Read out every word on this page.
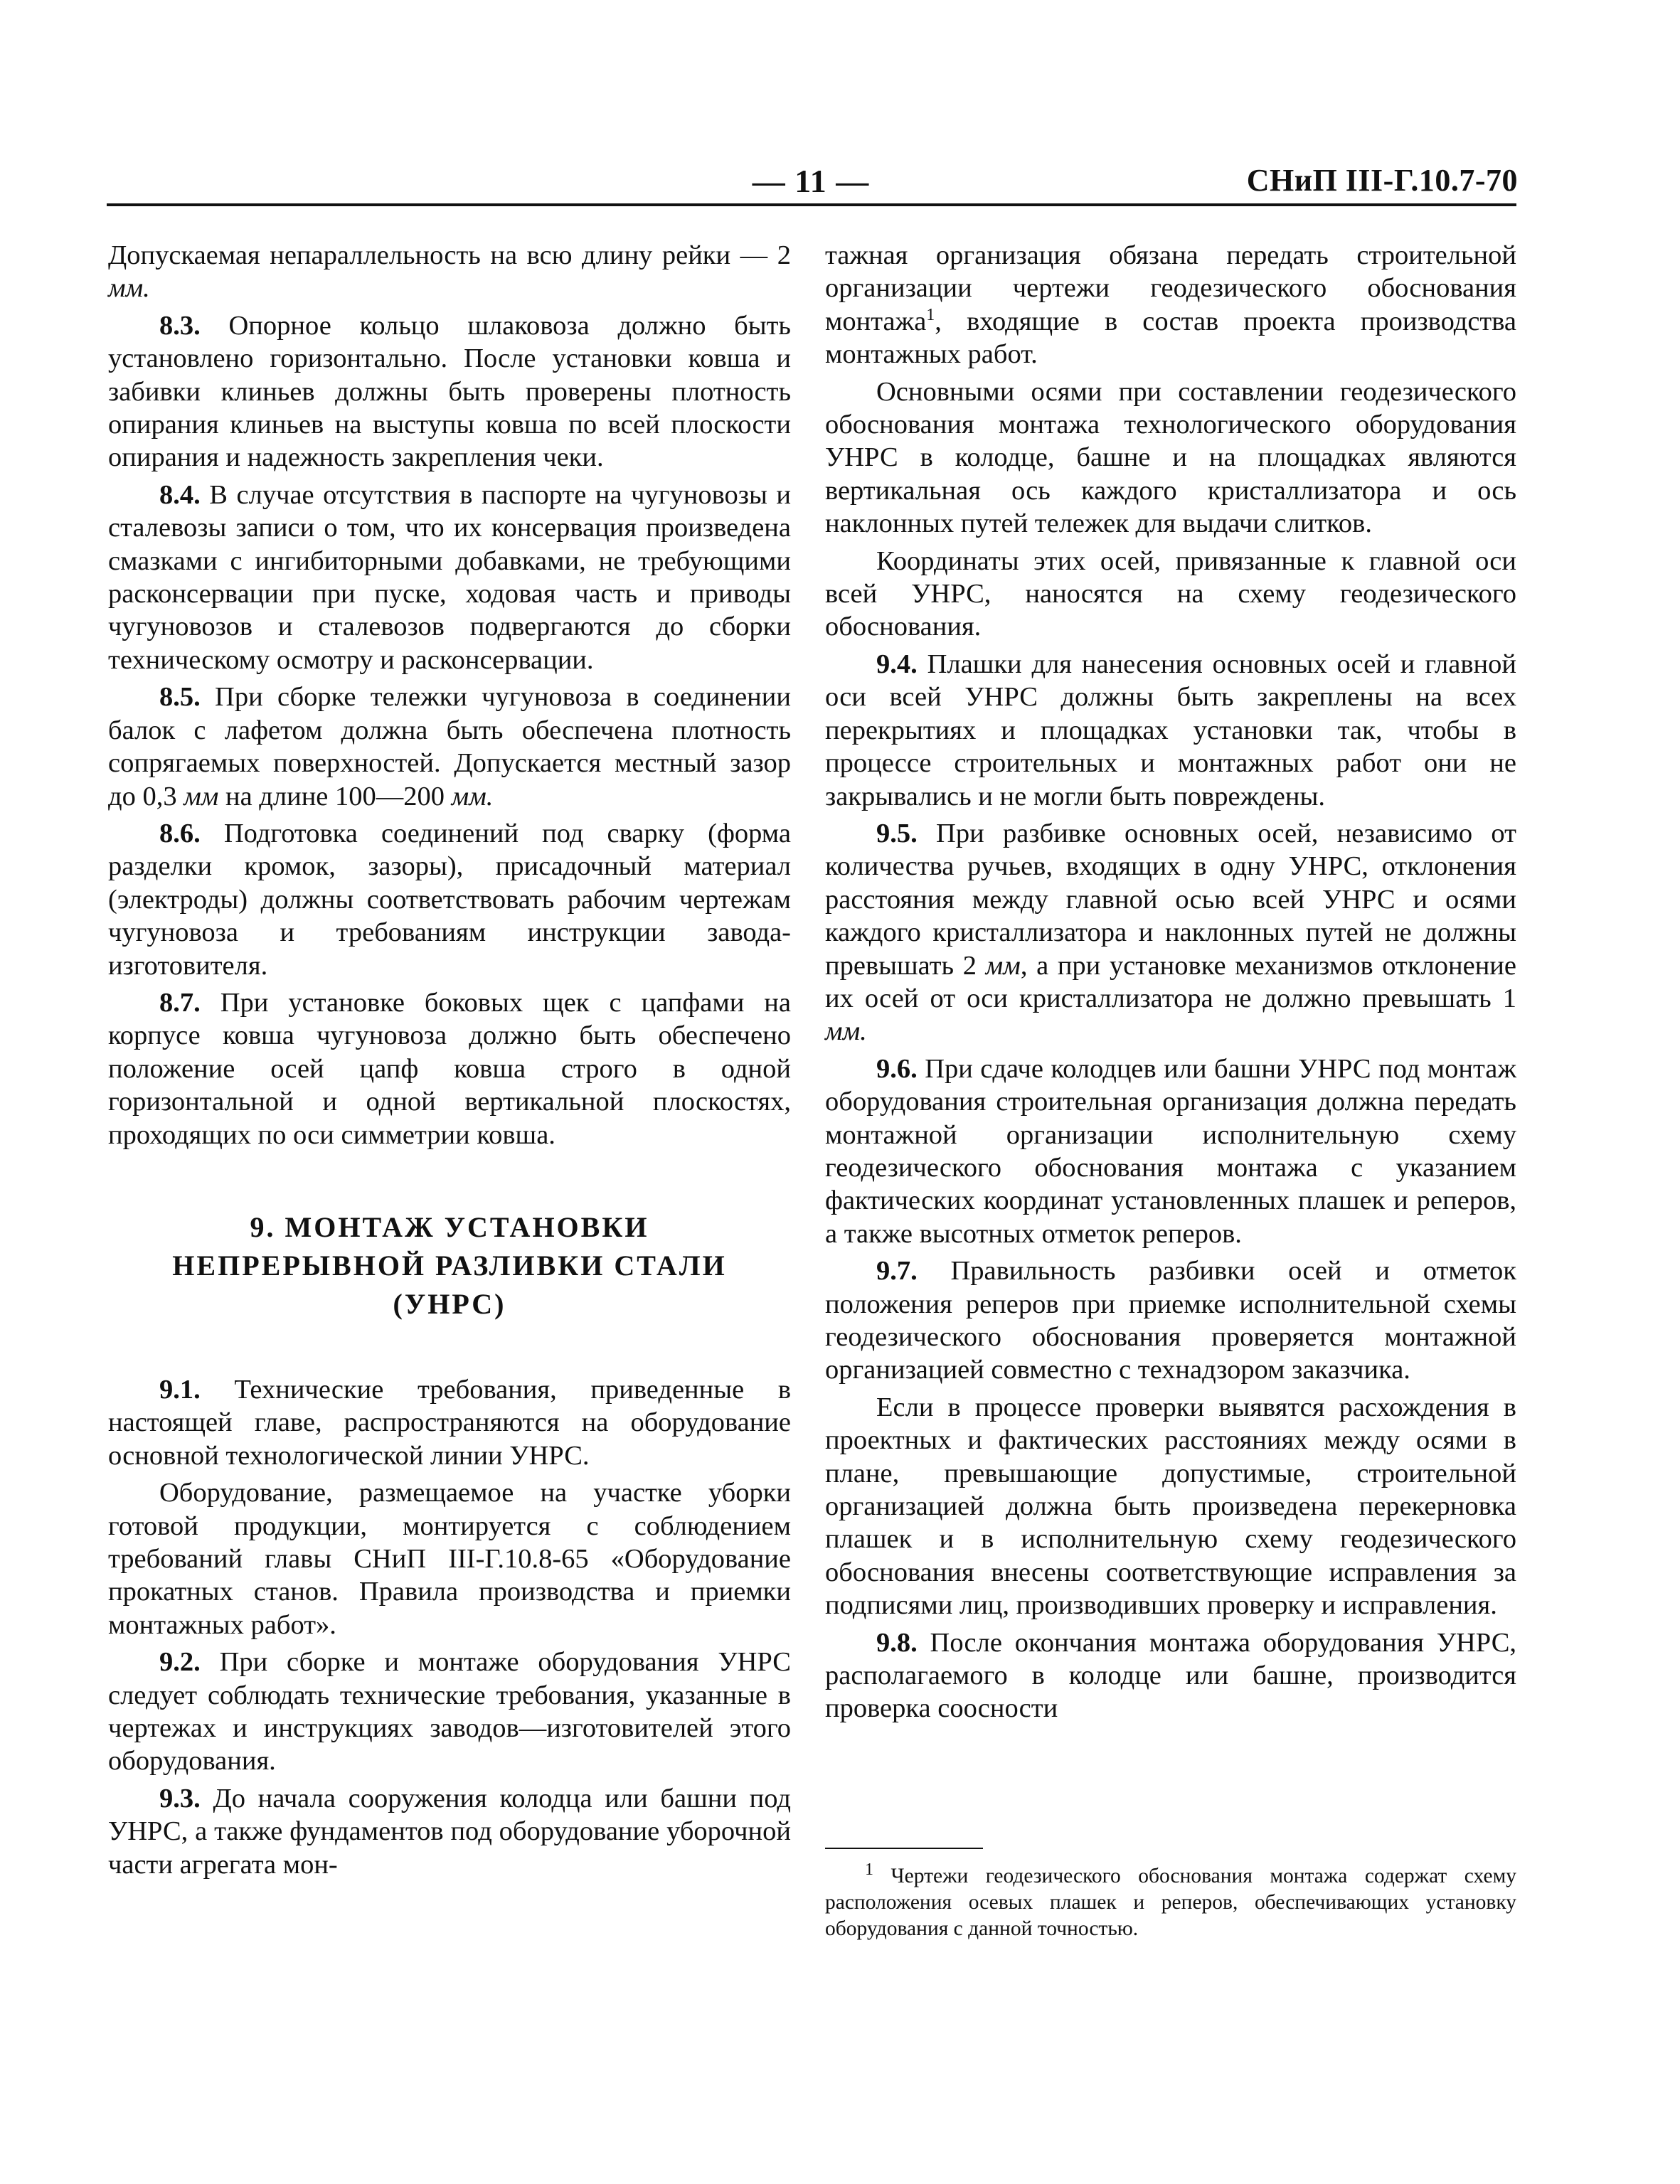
— 11 —	СНиП III-Г.10.7-70

Допускаемая непараллельность на всю длину рейки — 2 мм.

8.3. Опорное кольцо шлаковоза должно быть установлено горизонтально. После установки ковша и забивки клиньев должны быть проверены плотность опирания клиньев на выступы ковша по всей плоскости опирания и надежность закрепления чеки.

8.4. В случае отсутствия в паспорте на чугуновозы и сталевозы записи о том, что их консервация произведена смазками с ингибиторными добавками, не требующими расконсервации при пуске, ходовая часть и приводы чугуновозов и сталевозов подвергаются до сборки техническому осмотру и расконсервации.

8.5. При сборке тележки чугуновоза в соединении балок с лафетом должна быть обеспечена плотность сопрягаемых поверхностей. Допускается местный зазор до 0,3 мм на длине 100—200 мм.

8.6. Подготовка соединений под сварку (форма разделки кромок, зазоры), присадочный материал (электроды) должны соответствовать рабочим чертежам чугуновоза и требованиям инструкции завода-изготовителя.

8.7. При установке боковых щек с цапфами на корпусе ковша чугуновоза должно быть обеспечено положение осей цапф ковша строго в одной горизонтальной и одной вертикальной плоскостях, проходящих по оси симметрии ковша.

9. МОНТАЖ УСТАНОВКИ
НЕПРЕРЫВНОЙ РАЗЛИВКИ СТАЛИ
(УНРС)

9.1. Технические требования, приведенные в настоящей главе, распространяются на оборудование основной технологической линии УНРС.

Оборудование, размещаемое на участке уборки готовой продукции, монтируется с соблюдением требований главы СНиП III-Г.10.8-65 «Оборудование прокатных станов. Правила производства и приемки монтажных работ».

9.2. При сборке и монтаже оборудования УНРС следует соблюдать технические требования, указанные в чертежах и инструкциях заводов—изготовителей этого оборудования.

9.3. До начала сооружения колодца или башни под УНРС, а также фундаментов под оборудование уборочной части агрегата мон-

тажная организация обязана передать строительной организации чертежи геодезического обоснования монтажа$^1$, входящие в состав проекта производства монтажных работ.

Основными осями при составлении геодезического обоснования монтажа технологического оборудования УНРС в колодце, башне и на площадках являются вертикальная ось каждого кристаллизатора и ось наклонных путей тележек для выдачи слитков.

Координаты этих осей, привязанные к главной оси всей УНРС, наносятся на схему геодезического обоснования.

9.4. Плашки для нанесения основных осей и главной оси всей УНРС должны быть закреплены на всех перекрытиях и площадках установки так, чтобы в процессе строительных и монтажных работ они не закрывались и не могли быть повреждены.

9.5. При разбивке основных осей, независимо от количества ручьев, входящих в одну УНРС, отклонения расстояния между главной осью всей УНРС и осями каждого кристаллизатора и наклонных путей не должны превышать 2 мм, а при установке механизмов отклонение их осей от оси кристаллизатора не должно превышать 1 мм.

9.6. При сдаче колодцев или башни УНРС под монтаж оборудования строительная организация должна передать монтажной организации исполнительную схему геодезического обоснования монтажа с указанием фактических координат установленных плашек и реперов, а также высотных отметок реперов.

9.7. Правильность разбивки осей и отметок положения реперов при приемке исполнительной схемы геодезического обоснования проверяется монтажной организацией совместно с технадзором заказчика.

Если в процессе проверки выявятся расхождения в проектных и фактических расстояниях между осями в плане, превышающие допустимые, строительной организацией должна быть произведена перекерновка плашек и в исполнительную схему геодезического обоснования внесены соответствующие исправления за подписями лиц, производивших проверку и исправления.

9.8. После окончания монтажа оборудования УНРС, располагаемого в колодце или башне, производится проверка соосности

$^1$ Чертежи геодезического обоснования монтажа содержат схему расположения осевых плашек и реперов, обеспечивающих установку оборудования с данной точностью.
